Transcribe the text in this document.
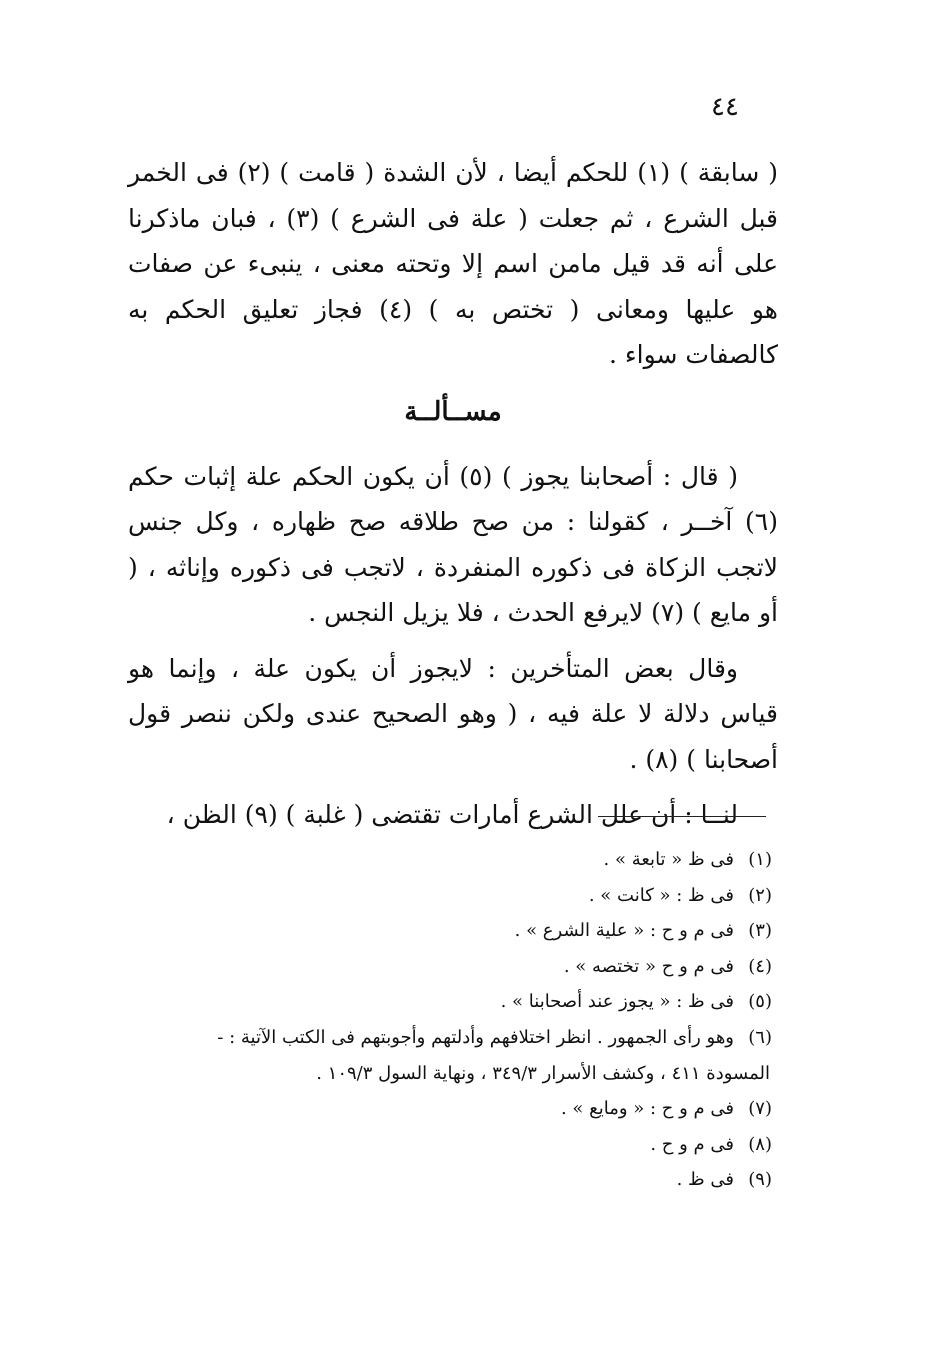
٤٤

( سابقة ) (١) للحكم أيضا ، لأن الشدة ( قامت ) (٢) فى الخمر قبل الشرع ، ثم جعلت ( علة فى الشرع ) (٣) ، فبان ماذكرنا على أنه قد قيل مامن اسم إلا وتحته معنى ، ينبىء عن صفات هو عليها ومعانى ( تختص به ) (٤) فجاز تعليق الحكم به كالصفات سواء .

مســألــة

( قال : أصحابنا يجوز ) (٥) أن يكون الحكم علة إثبات حكم (٦) آخــر ، كقولنا : من صح طلاقه صح ظهاره ، وكل جنس لاتجب الزكاة فى ذكوره المنفردة ، لاتجب فى ذكوره وإناثه ، ( أو مايع ) (٧) لايرفع الحدث ، فلا يزيل النجس .

وقال بعض المتأخرين : لايجوز أن يكون علة ، وإنما هو قياس دلالة لا علة فيه ، ( وهو الصحيح عندى ولكن ننصر قول أصحابنا ) (٨) .

لنــا : أن علل الشرع أمارات تقتضى ( غلبة ) (٩) الظن ،

(١)
فى ظ « تابعة » .
(٢)
فى ظ : « كانت » .
(٣)
فى م و ح : « علية الشرع » .
(٤)
فى م و ح « تختصه » .
(٥)
فى ظ : « يجوز عند أصحابنا » .
(٦)
وهو رأى الجمهور . انظر اختلافهم وأدلتهم وأجوبتهم فى الكتب الآتية : -
المسودة ٤١١ ، وكشف الأسرار ٣٤٩/٣ ، ونهاية السول ١٠٩/٣ .
(٧)
فى م و ح : « ومايع » .
(٨)
فى م و ح .
(٩)
فى ظ .
